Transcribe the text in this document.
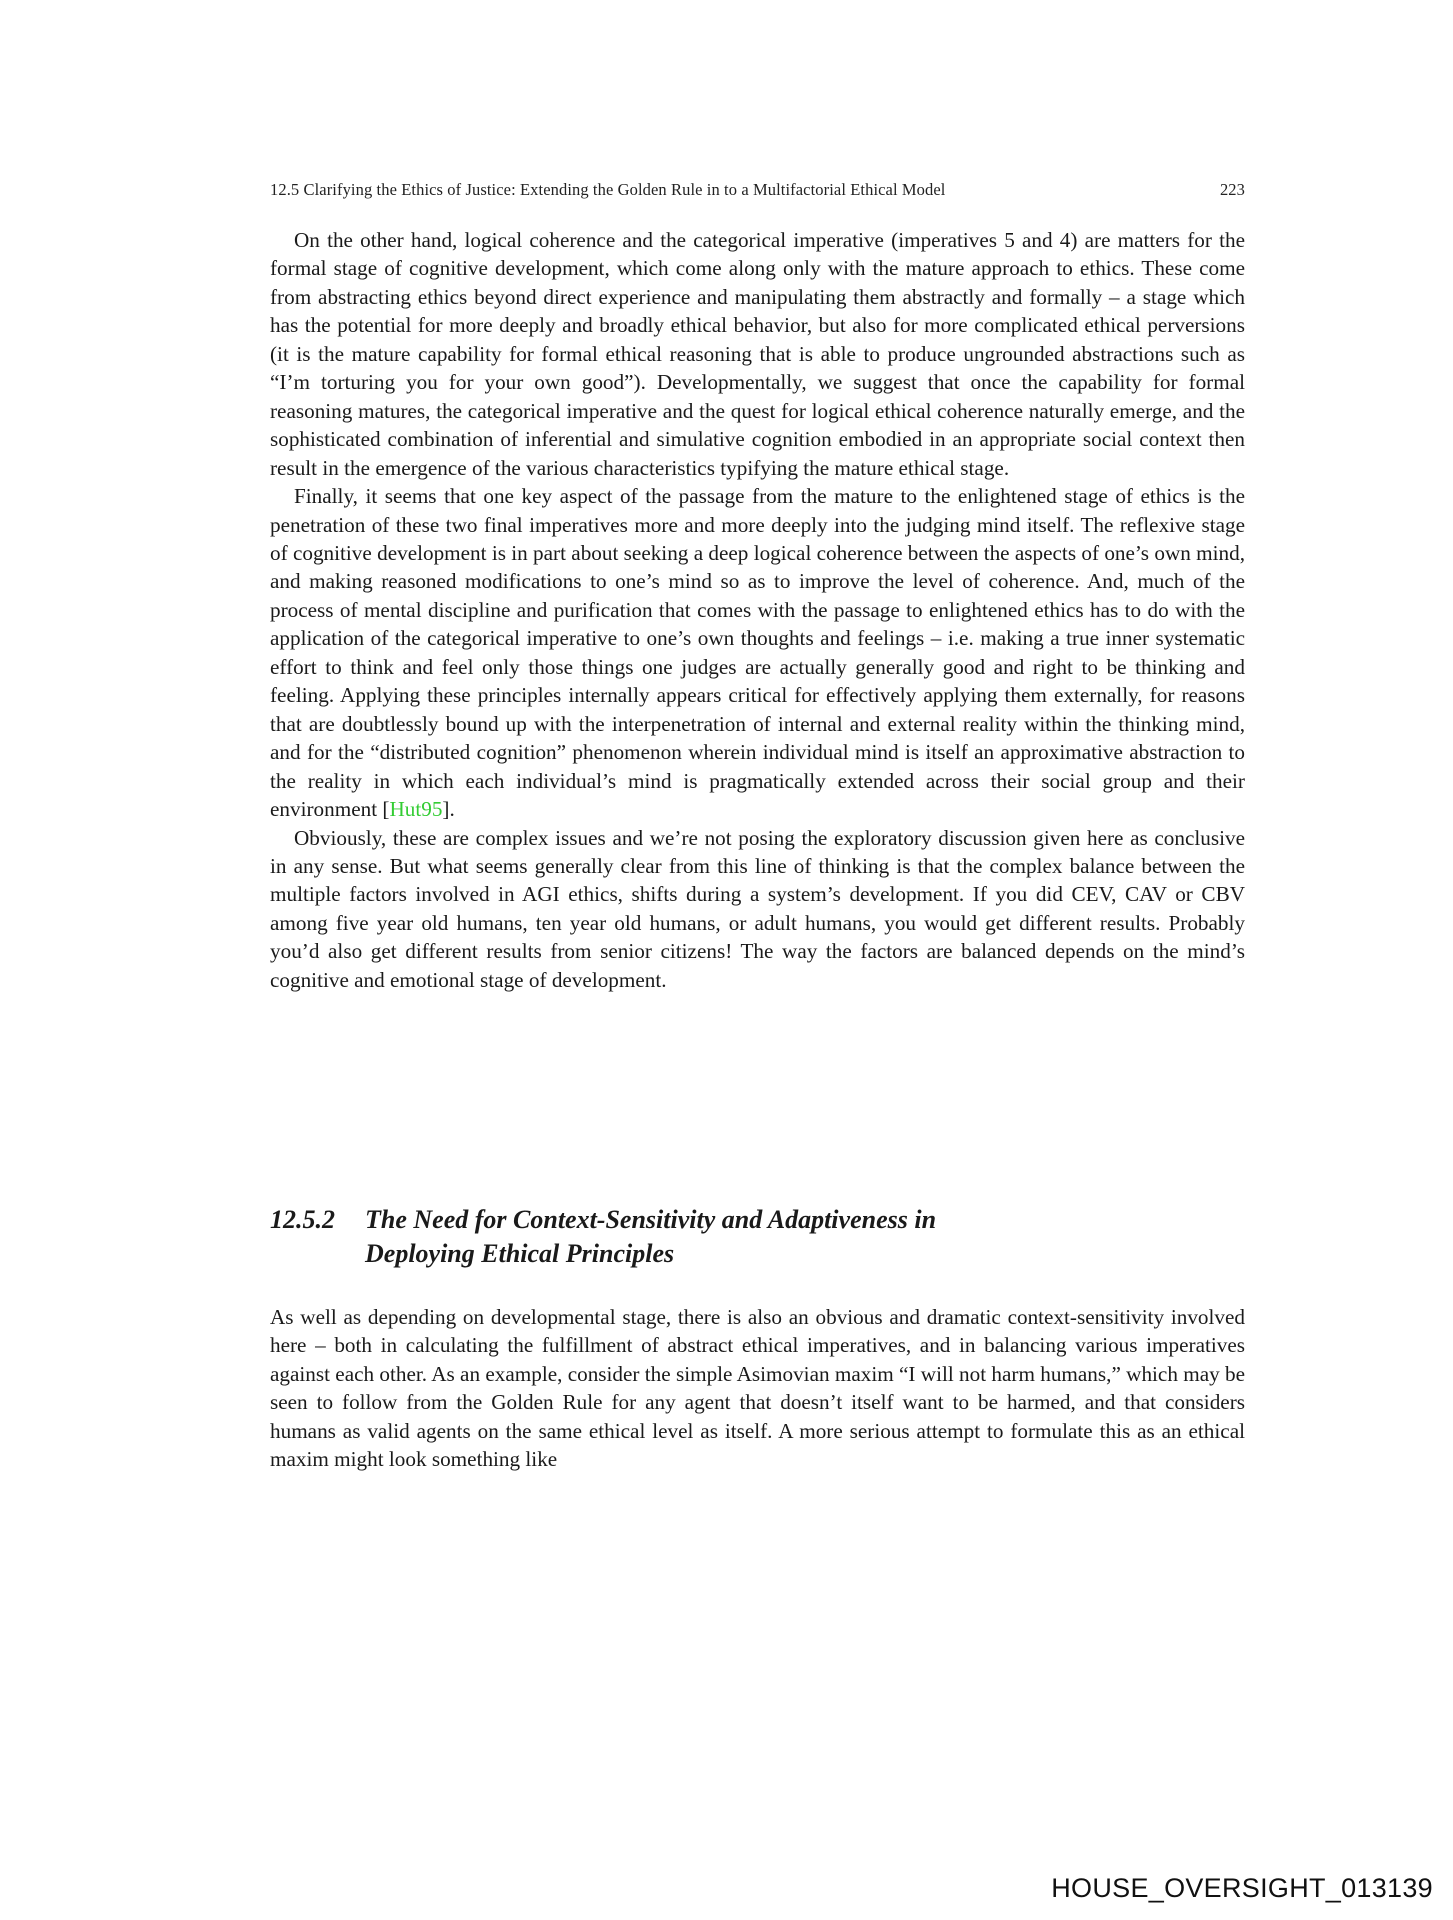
12.5 Clarifying the Ethics of Justice: Extending the Golden Rule in to a Multifactorial Ethical Model	223

On the other hand, logical coherence and the categorical imperative (imperatives 5 and 4) are matters for the formal stage of cognitive development, which come along only with the mature approach to ethics. These come from abstracting ethics beyond direct experience and manipulating them abstractly and formally – a stage which has the potential for more deeply and broadly ethical behavior, but also for more complicated ethical perversions (it is the mature capability for formal ethical reasoning that is able to produce ungrounded abstractions such as “I’m torturing you for your own good”). Developmentally, we suggest that once the capability for formal reasoning matures, the categorical imperative and the quest for logical ethical coherence naturally emerge, and the sophisticated combination of inferential and simulative cognition embodied in an appropriate social context then result in the emergence of the various characteristics typifying the mature ethical stage.

Finally, it seems that one key aspect of the passage from the mature to the enlightened stage of ethics is the penetration of these two final imperatives more and more deeply into the judging mind itself. The reflexive stage of cognitive development is in part about seeking a deep logical coherence between the aspects of one’s own mind, and making reasoned modifications to one’s mind so as to improve the level of coherence. And, much of the process of mental discipline and purification that comes with the passage to enlightened ethics has to do with the application of the categorical imperative to one’s own thoughts and feelings – i.e. making a true inner systematic effort to think and feel only those things one judges are actually generally good and right to be thinking and feeling. Applying these principles internally appears critical for effectively applying them externally, for reasons that are doubtlessly bound up with the interpenetration of internal and external reality within the thinking mind, and for the “distributed cognition” phenomenon wherein individual mind is itself an approximative abstraction to the reality in which each individual’s mind is pragmatically extended across their social group and their environment [Hut95].

Obviously, these are complex issues and we’re not posing the exploratory discussion given here as conclusive in any sense. But what seems generally clear from this line of thinking is that the complex balance between the multiple factors involved in AGI ethics, shifts during a system’s development. If you did CEV, CAV or CBV among five year old humans, ten year old humans, or adult humans, you would get different results. Probably you’d also get different results from senior citizens! The way the factors are balanced depends on the mind’s cognitive and emotional stage of development.

12.5.2	The Need for Context-Sensitivity and Adaptiveness in
Deploying Ethical Principles

As well as depending on developmental stage, there is also an obvious and dramatic context-sensitivity involved here – both in calculating the fulfillment of abstract ethical imperatives, and in balancing various imperatives against each other. As an example, consider the simple Asimovian maxim “I will not harm humans,” which may be seen to follow from the Golden Rule for any agent that doesn’t itself want to be harmed, and that considers humans as valid agents on the same ethical level as itself. A more serious attempt to formulate this as an ethical maxim might look something like

HOUSE_OVERSIGHT_013139
